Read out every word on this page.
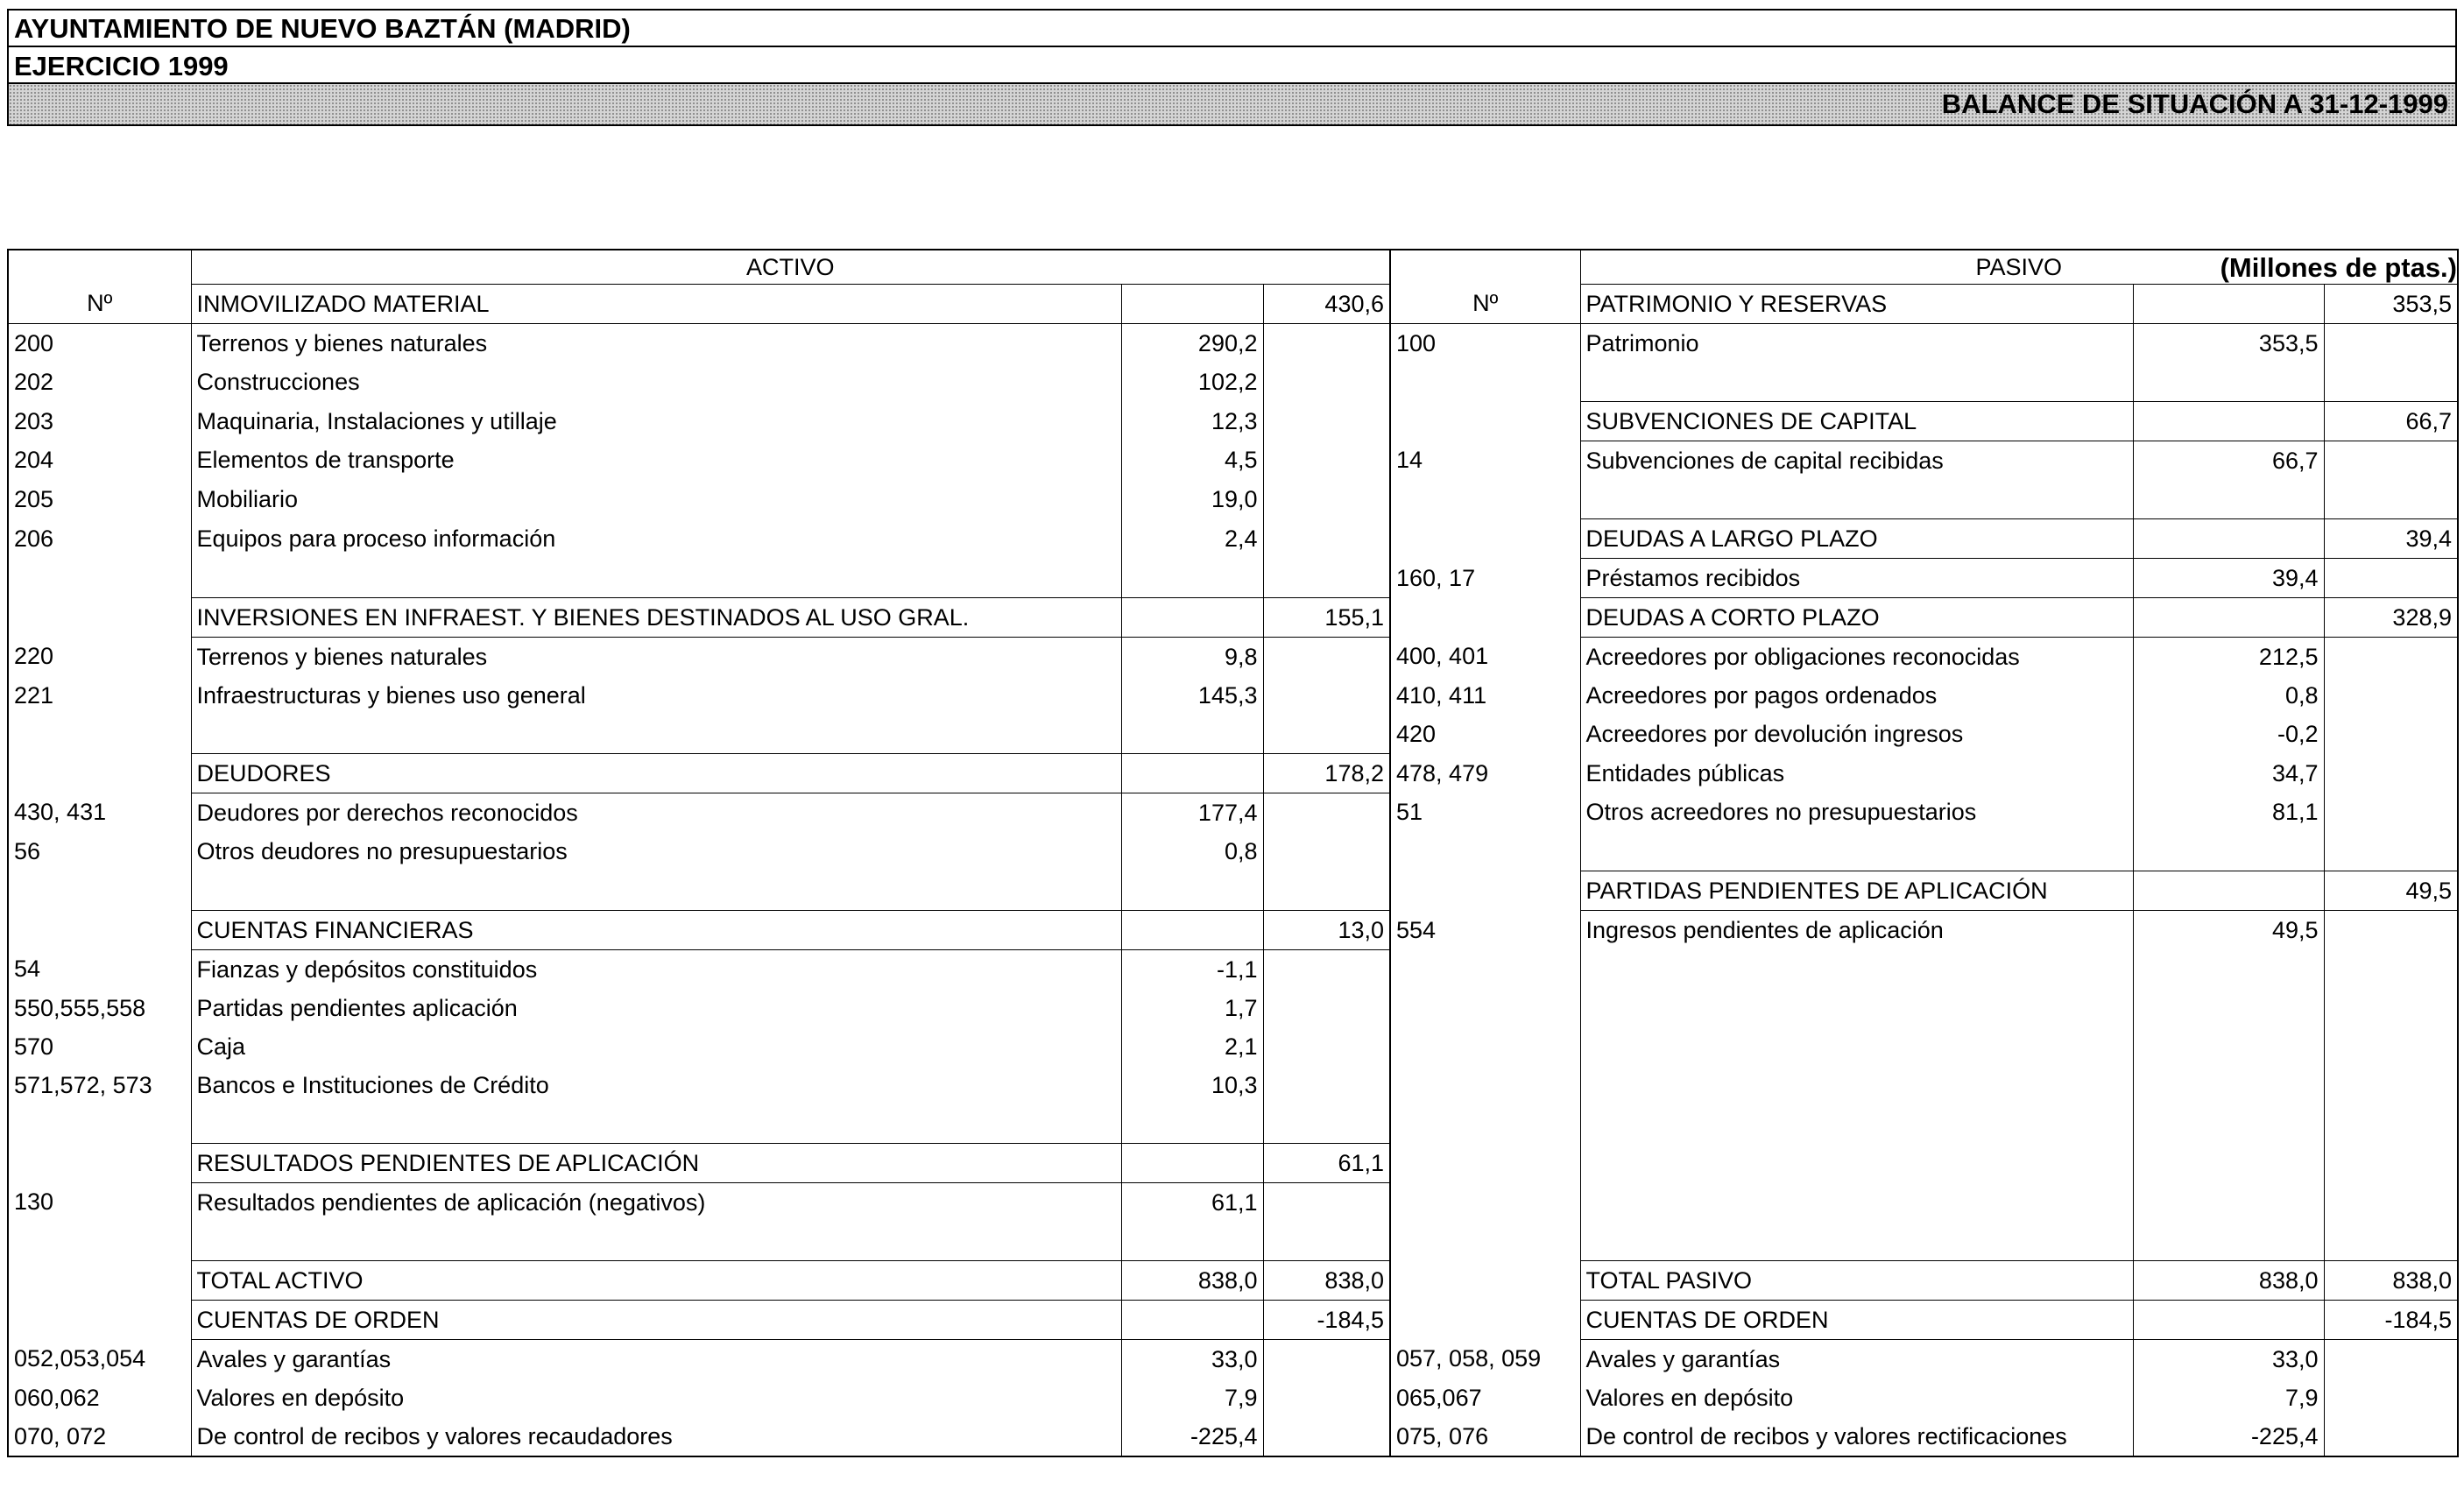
AYUNTAMIENTO DE NUEVO BAZTÁN (MADRID)
EJERCICIO 1999
BALANCE DE SITUACIÓN A 31-12-1999
(Millones de ptas.)
	ACTIVO				PASIVO		
Nº	INMOVILIZADO MATERIAL		430,6	Nº	PATRIMONIO Y RESERVAS		353,5
200	Terrenos y bienes naturales	290,2		100	Patrimonio	353,5	
202	Construcciones	102,2					
203	Maquinaria, Instalaciones y utillaje	12,3			SUBVENCIONES DE CAPITAL		66,7
204	Elementos de transporte	4,5		14	Subvenciones de capital recibidas	66,7	
205	Mobiliario	19,0					
206	Equipos para proceso información	2,4			DEUDAS A LARGO PLAZO		39,4
				160, 17	Préstamos recibidos	39,4	
	INVERSIONES EN INFRAEST. Y BIENES DESTINADOS AL USO GRAL.		155,1		DEUDAS A CORTO PLAZO		328,9
220	Terrenos y bienes naturales	9,8		400, 401	Acreedores por obligaciones reconocidas	212,5	
221	Infraestructuras y bienes uso general	145,3		410, 411	Acreedores por pagos ordenados	0,8	
				420	Acreedores por devolución ingresos	-0,2	
	DEUDORES		178,2	478, 479	Entidades públicas	34,7	
430, 431	Deudores por derechos reconocidos	177,4		51	Otros acreedores no presupuestarios	81,1	
56	Otros deudores no presupuestarios	0,8					
					PARTIDAS PENDIENTES DE APLICACIÓN		49,5
	CUENTAS FINANCIERAS		13,0	554	Ingresos pendientes de aplicación	49,5	
54	Fianzas y depósitos constituidos	-1,1					
550,555,558	Partidas pendientes aplicación	1,7					
570	Caja	2,1					
571,572, 573	Bancos e Instituciones de Crédito	10,3					

	RESULTADOS PENDIENTES DE APLICACIÓN		61,1				
130	Resultados pendientes de aplicación (negativos)	61,1					

	TOTAL ACTIVO	838,0	838,0		TOTAL PASIVO	838,0	838,0
	CUENTAS DE ORDEN		-184,5		CUENTAS DE ORDEN		-184,5
052,053,054	Avales y garantías	33,0		057, 058, 059	Avales y garantías	33,0	
060,062	Valores en depósito	7,9		065,067	Valores en depósito	7,9	
070, 072	De control de recibos y valores recaudadores	-225,4		075, 076	De control de recibos y valores rectificaciones	-225,4	
